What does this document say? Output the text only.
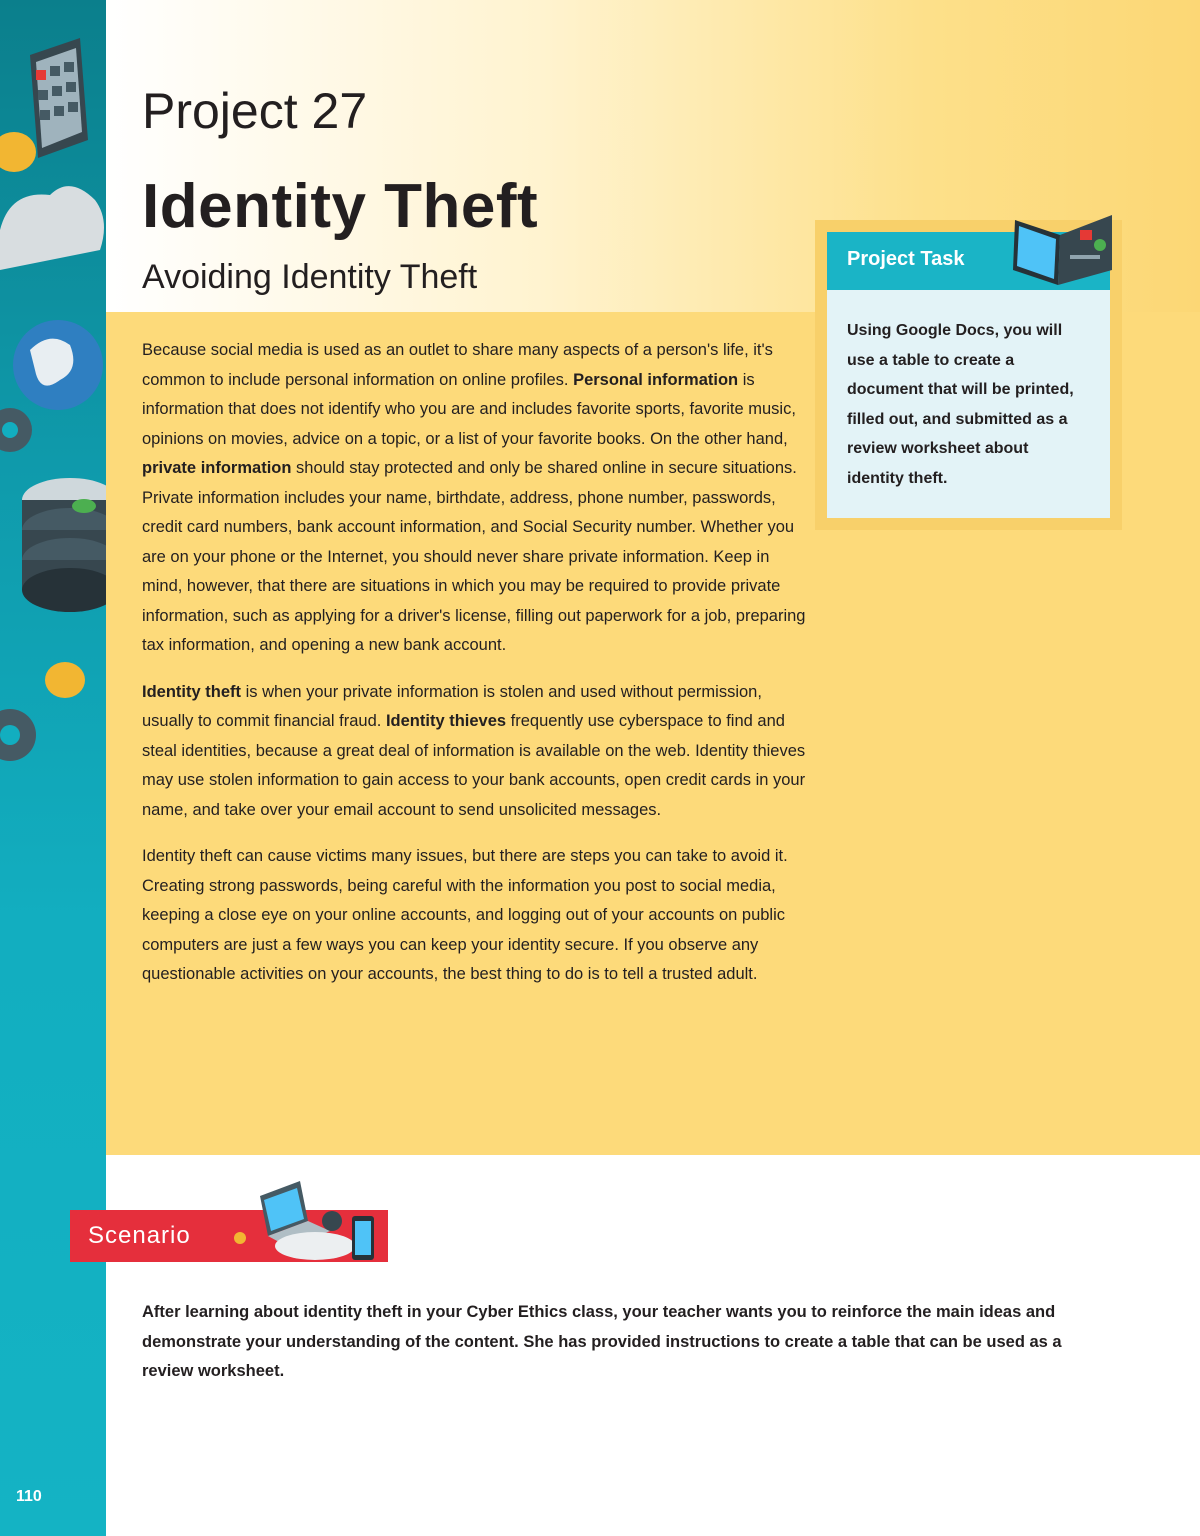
110
Project 27
Identity Theft
Avoiding Identity Theft

Because social media is used as an outlet to share many aspects of a person's life, it's common to include personal information on online profiles. Personal information is information that does not identify who you are and includes favorite sports, favorite music, opinions on movies, advice on a topic, or a list of your favorite books. On the other hand, private information should stay protected and only be shared online in secure situations. Private information includes your name, birthdate, address, phone number, passwords, credit card numbers, bank account information, and Social Security number. Whether you are on your phone or the Internet, you should never share private information. Keep in mind, however, that there are situations in which you may be required to provide private information, such as applying for a driver's license, filling out paperwork for a job, preparing tax information, and opening a new bank account.

Identity theft is when your private information is stolen and used without permission, usually to commit financial fraud. Identity thieves frequently use cyberspace to find and steal identities, because a great deal of information is available on the web. Identity thieves may use stolen information to gain access to your bank accounts, open credit cards in your name, and take over your email account to send unsolicited messages.

Identity theft can cause victims many issues, but there are steps you can take to avoid it. Creating strong passwords, being careful with the information you post to social media, keeping a close eye on your online accounts, and logging out of your accounts on public computers are just a few ways you can keep your identity secure. If you observe any questionable activities on your accounts, the best thing to do is to tell a trusted adult.

Project Task
Using Google Docs, you will use a table to create a document that will be printed, filled out, and submitted as a review worksheet about identity theft.
Scenario
After learning about identity theft in your Cyber Ethics class, your teacher wants you to reinforce the main ideas and demonstrate your understanding of the content. She has provided instructions to create a table that can be used as a review worksheet.
